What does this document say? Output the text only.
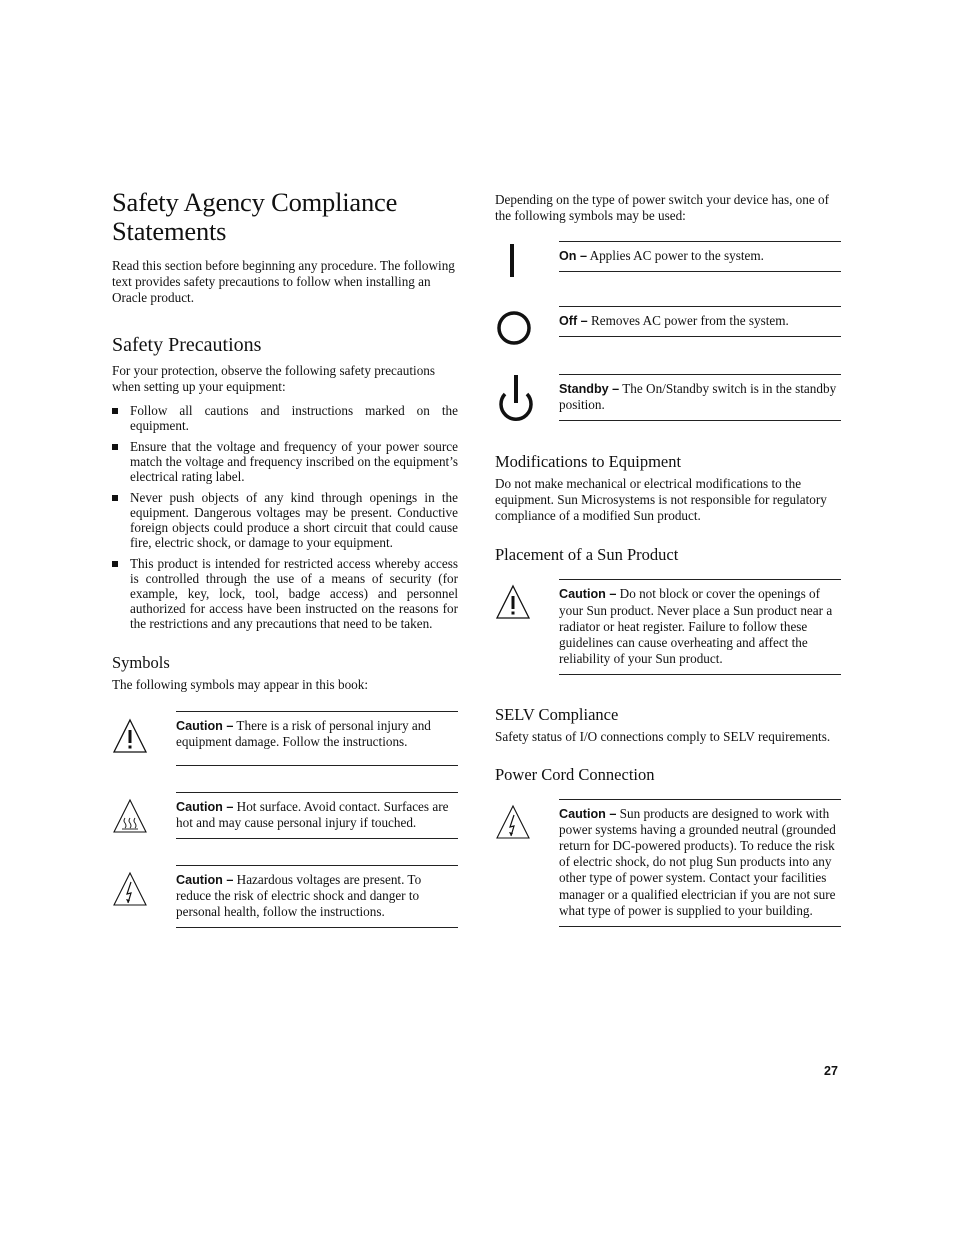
Safety Agency Compliance Statements

Read this section before beginning any procedure. The following text provides safety precautions to follow when installing an Oracle product.

Safety Precautions

For your protection, observe the following safety precautions when setting up your equipment:

Follow all cautions and instructions marked on the equipment.
Ensure that the voltage and frequency of your power source match the voltage and frequency inscribed on the equipment’s electrical rating label.
Never push objects of any kind through openings in the equipment. Dangerous voltages may be present. Conductive foreign objects could produce a short circuit that could cause fire, electric shock, or damage to your equipment.
This product is intended for restricted access whereby access is controlled through the use of a means of security (for example, key, lock, tool, badge access) and personnel authorized for access have been instructed on the reasons for the restrictions and any precautions that need to be taken.
Symbols

The following symbols may appear in this book:

Caution – There is a risk of personal injury and equipment damage. Follow the instructions.
Caution – Hot surface. Avoid contact. Surfaces are hot and may cause personal injury if touched.
Caution – Hazardous voltages are present. To reduce the risk of electric shock and danger to personal health, follow the instructions.

Depending on the type of power switch your device has, one of the following symbols may be used:

On – Applies AC power to the system.
Off – Removes AC power from the system.
Standby – The On/Standby switch is in the standby position.
Modifications to Equipment

Do not make mechanical or electrical modifications to the equipment. Sun Microsystems is not responsible for regulatory compliance of a modified Sun product.

Placement of a Sun Product
Caution – Do not block or cover the openings of your Sun product. Never place a Sun product near a radiator or heat register. Failure to follow these guidelines can cause overheating and affect the reliability of your Sun product.
SELV Compliance

Safety status of I/O connections comply to SELV requirements.

Power Cord Connection
Caution – Sun products are designed to work with power systems having a grounded neutral (grounded return for DC-powered products). To reduce the risk of electric shock, do not plug Sun products into any other type of power system. Contact your facilities manager or a qualified electrician if you are not sure what type of power is supplied to your building.
27
